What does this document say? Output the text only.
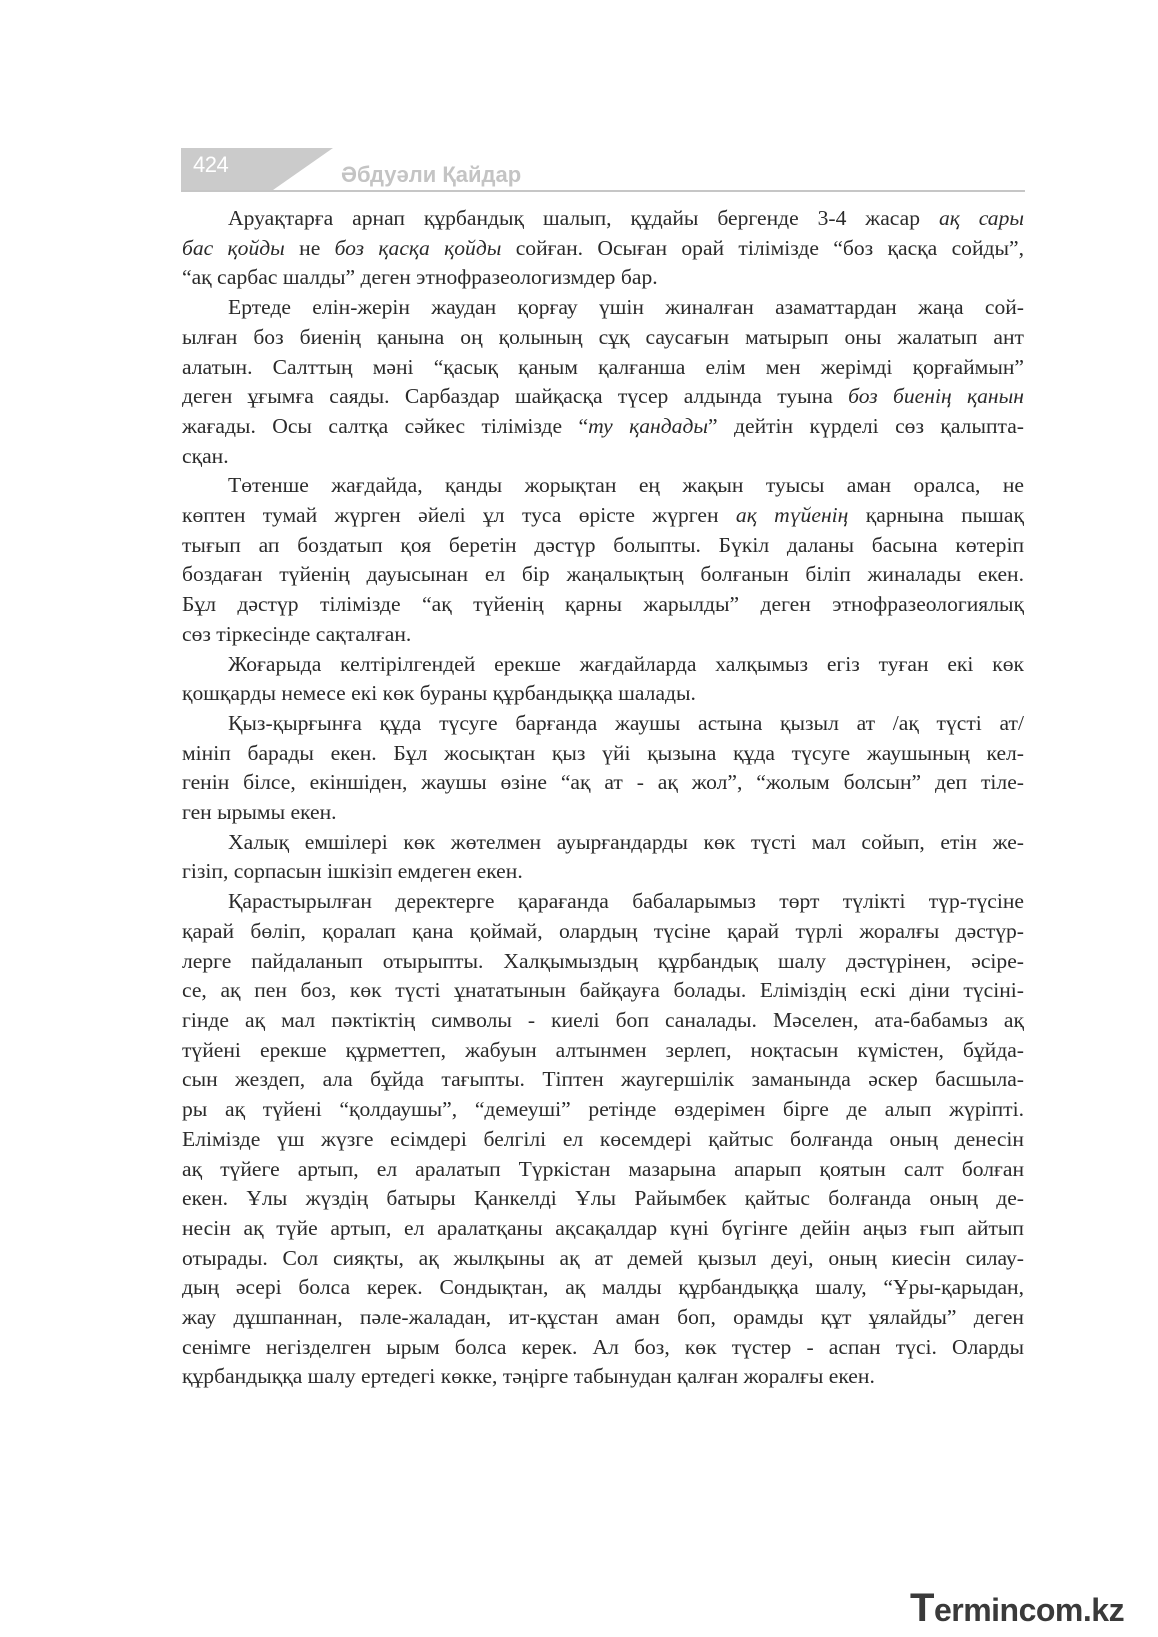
424	Әбдуәли Қайдар
Аруақтарға арнап құрбандық шалып, құдайы бергенде 3-4 жасар ақ сары
бас қойды не боз қасқа қойды сойған. Осыған орай тілімізде “боз қасқа сойды”,
“ақ сарбас шалды” деген этнофразеологизмдер бар.
Ертеде елін-жерін жаудан қорғау үшін жиналған азаматтардан жаңа сой-
ылған боз биенің қанына оң қолының сұқ саусағын матырып оны жалатып ант
алатын. Салттың мәні “қасық қаным қалғанша елім мен жерімді қорғаймын”
деген ұғымға саяды. Сарбаздар шайқасқа түсер алдында туына боз биенің қанын
жағады. Осы салтқа сәйкес тілімізде “ту қандады” дейтін күрделі сөз қалыпта-
сқан.
Төтенше жағдайда, қанды жорықтан ең жақын туысы аман оралса, не
көптен тумай жүрген әйелі ұл туса өрісте жүрген ақ түйенің қарнына пышақ
тығып ап боздатып қоя беретін дәстүр болыпты. Бүкіл даланы басына көтеріп
боздаған түйенің дауысынан ел бір жаңалықтың болғанын біліп жиналады екен.
Бұл дәстүр тілімізде “ақ түйенің қарны жарылды” деген этнофразеологиялық
сөз тіркесінде сақталған.
Жоғарыда келтірілгендей ерекше жағдайларда халқымыз егіз туған екі көк
қошқарды немесе екі көк бураны құрбандыққа шалады.
Қыз-қырғынға құда түсуге барғанда жаушы астына қызыл ат /ақ түсті ат/
мініп барады екен. Бұл жосықтан қыз үйі қызына құда түсуге жаушының кел-
генін білсе, екіншіден, жаушы өзіне “ақ ат - ақ жол”, “жолым болсын” деп тіле-
ген ырымы екен.
Халық емшілері көк жөтелмен ауырғандарды көк түсті мал сойып, етін же-
гізіп, сорпасын ішкізіп емдеген екен.
Қарастырылған деректерге қарағанда бабаларымыз төрт түлікті түр-түсіне
қарай бөліп, қоралап қана қоймай, олардың түсіне қарай түрлі жоралғы дәстүр-
лерге пайдаланып отырыпты. Халқымыздың құрбандық шалу дәстүрінен, әсіре-
се, ақ пен боз, көк түсті ұнататынын байқауға болады. Еліміздің ескі діни түсіні-
гінде ақ мал пәктіктің символы - киелі боп саналады. Мәселен, ата-бабамыз ақ
түйені ерекше құрметтеп, жабуын алтынмен зерлеп, ноқтасын күмістен, бұйда-
сын жездеп, ала бұйда тағыпты. Тіптен жаугершілік заманында әскер басшыла-
ры ақ түйені “қолдаушы”, “демеуші” ретінде өздерімен бірге де алып жүріпті.
Елімізде үш жүзге есімдері белгілі ел көсемдері қайтыс болғанда оның денесін
ақ түйеге артып, ел аралатып Түркістан мазарына апарып қоятын салт болған
екен. Ұлы жүздің батыры Қанкелді Ұлы Райымбек қайтыс болғанда оның де-
несін ақ түйе артып, ел аралатқаны ақсақалдар күні бүгінге дейін аңыз ғып айтып
отырады. Сол сияқты, ақ жылқыны ақ ат демей қызыл деуі, оның киесін силау-
дың әсері болса керек. Сондықтан, ақ малды құрбандыққа шалу, “Ұры-қарыдан,
жау дұшпаннан, пәле-жаладан, ит-құстан аман боп, орамды құт ұялайды” деген
сенімге негізделген ырым болса керек. Ал боз, көк түстер - аспан түсі. Оларды
құрбандыққа шалу ертедегі көкке, тәңірге табынудан қалған жоралғы екен.
Termincom.kz
